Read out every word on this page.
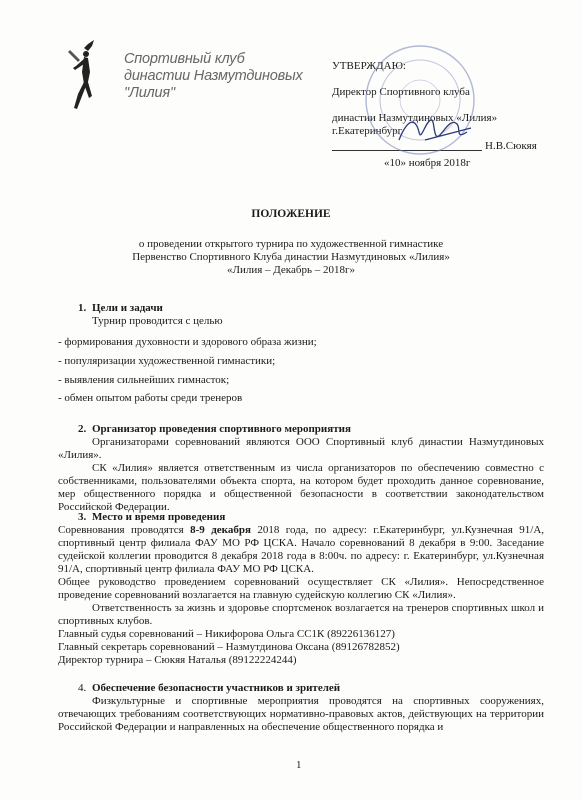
Спортивный клуб
династии Назмутдиновых
"Лилия"
УТВЕРЖДАЮ:
Директор Спортивного клуба
династии Назмутдиновых «Лилия»
г.Екатеринбург
Н.В.Сюкяя
«10» ноября 2018г
ПОЛОЖЕНИЕ
о проведении открытого турнира по художественной гимнастике
Первенство Спортивного Клуба династии Назмутдиновых «Лилия»
«Лилия – Декабрь – 2018г»
1. Цели и задачи
Турнир проводится с целью
- формирования духовности и здорового образа жизни;
- популяризации художественной гимнастики;
- выявления сильнейших гимнасток;
- обмен опытом работы среди тренеров
2. Организатор проведения спортивного мероприятия
Организаторами соревнований являются ООО Спортивный клуб династии Назмутдиновых «Лилия».
СК «Лилия» является ответственным из числа организаторов по обеспечению совместно с собственниками, пользователями объекта спорта, на котором будет проходить данное соревнование, мер общественного порядка и общественной безопасности в соответствии законодательством Российской Федерации.
3. Место и время проведения
Соревнования проводятся 8-9 декабря 2018 года, по адресу: г.Екатеринбург, ул.Кузнечная 91/А, спортивный центр филиала ФАУ МО РФ ЦСКА. Начало соревнований 8 декабря в 9:00. Заседание судейской коллегии проводится 8 декабря 2018 года в 8:00ч. по адресу: г. Екатеринбург, ул.Кузнечная 91/А, спортивный центр филиала ФАУ МО РФ ЦСКА.
Общее руководство проведением соревнований осуществляет СК «Лилия». Непосредственное проведение соревнований возлагается на главную судейскую коллегию СК «Лилия».
Ответственность за жизнь и здоровье спортсменок возлагается на тренеров спортивных школ и спортивных клубов.
Главный судья соревнований – Никифорова Ольга СС1К (89226136127)
Главный секретарь соревнований – Назмутдинова Оксана (89126782852)
Директор турнира – Сюкяя Наталья (89122224244)
4. Обеспечение безопасности участников и зрителей
Физкультурные и спортивные мероприятия проводятся на спортивных сооружениях, отвечающих требованиям соответствующих нормативно-правовых актов, действующих на территории Российской Федерации и направленных на обеспечение общественного порядка и
1
